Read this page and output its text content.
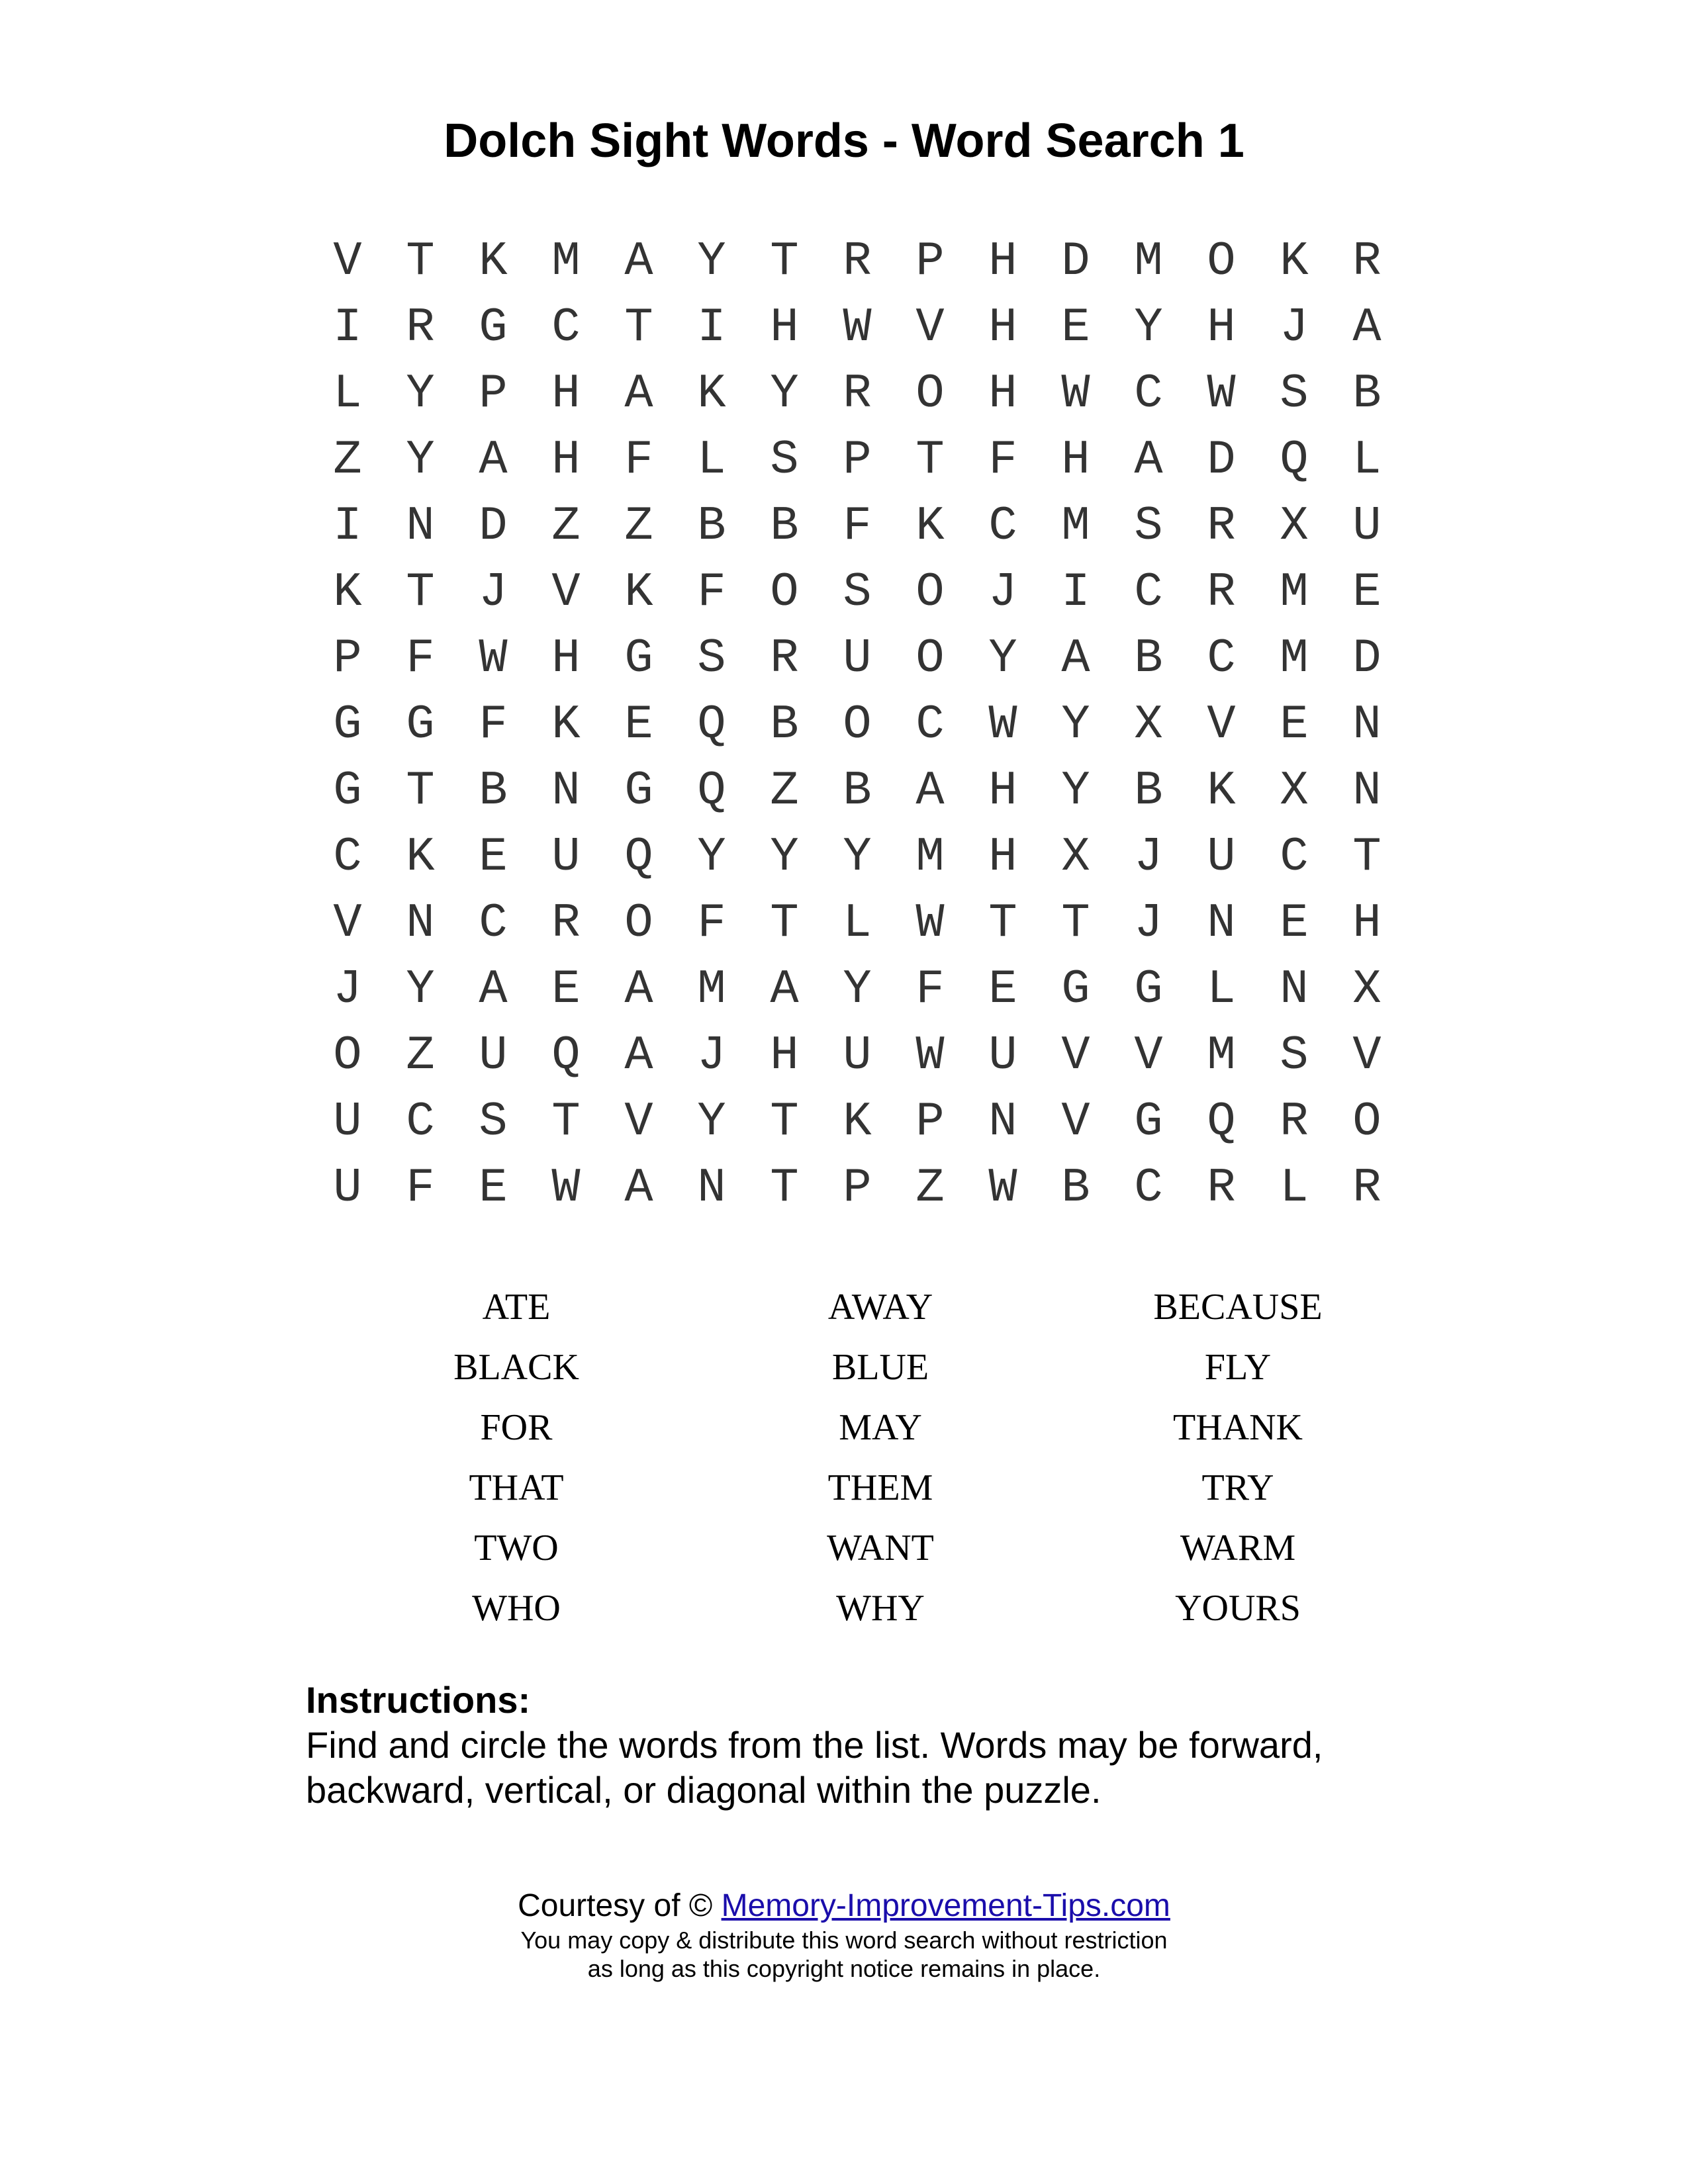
Dolch Sight Words - Word Search 1
V T K M A Y T R P H D M O K R
I R G C T I H W V H E Y H J A
L Y P H A K Y R O H W C W S B
Z Y A H F L S P T F H A D Q L
I N D Z Z B B F K C M S R X U
K T J V K F O S O J I C R M E
P F W H G S R U O Y A B C M D
G G F K E Q B O C W Y X V E N
G T B N G Q Z B A H Y B K X N
C K E U Q Y Y Y M H X J U C T
V N C R O F T L W T T J N E H
J Y A E A M A Y F E G G L N X
O Z U Q A J H U W U V V M S V
U C S T V Y T K P N V G Q R O
U F E W A N T P Z W B C R L R
ATE	AWAY	BECAUSE
BLACK	BLUE	FLY
FOR	MAY	THANK
THAT	THEM	TRY
TWO	WANT	WARM
WHO	WHY	YOURS
Instructions:
Find and circle the words from the list. Words may be forward,
backward, vertical, or diagonal within the puzzle.
Courtesy of © Memory-Improvement-Tips.com
You may copy & distribute this word search without restriction
as long as this copyright notice remains in place.
